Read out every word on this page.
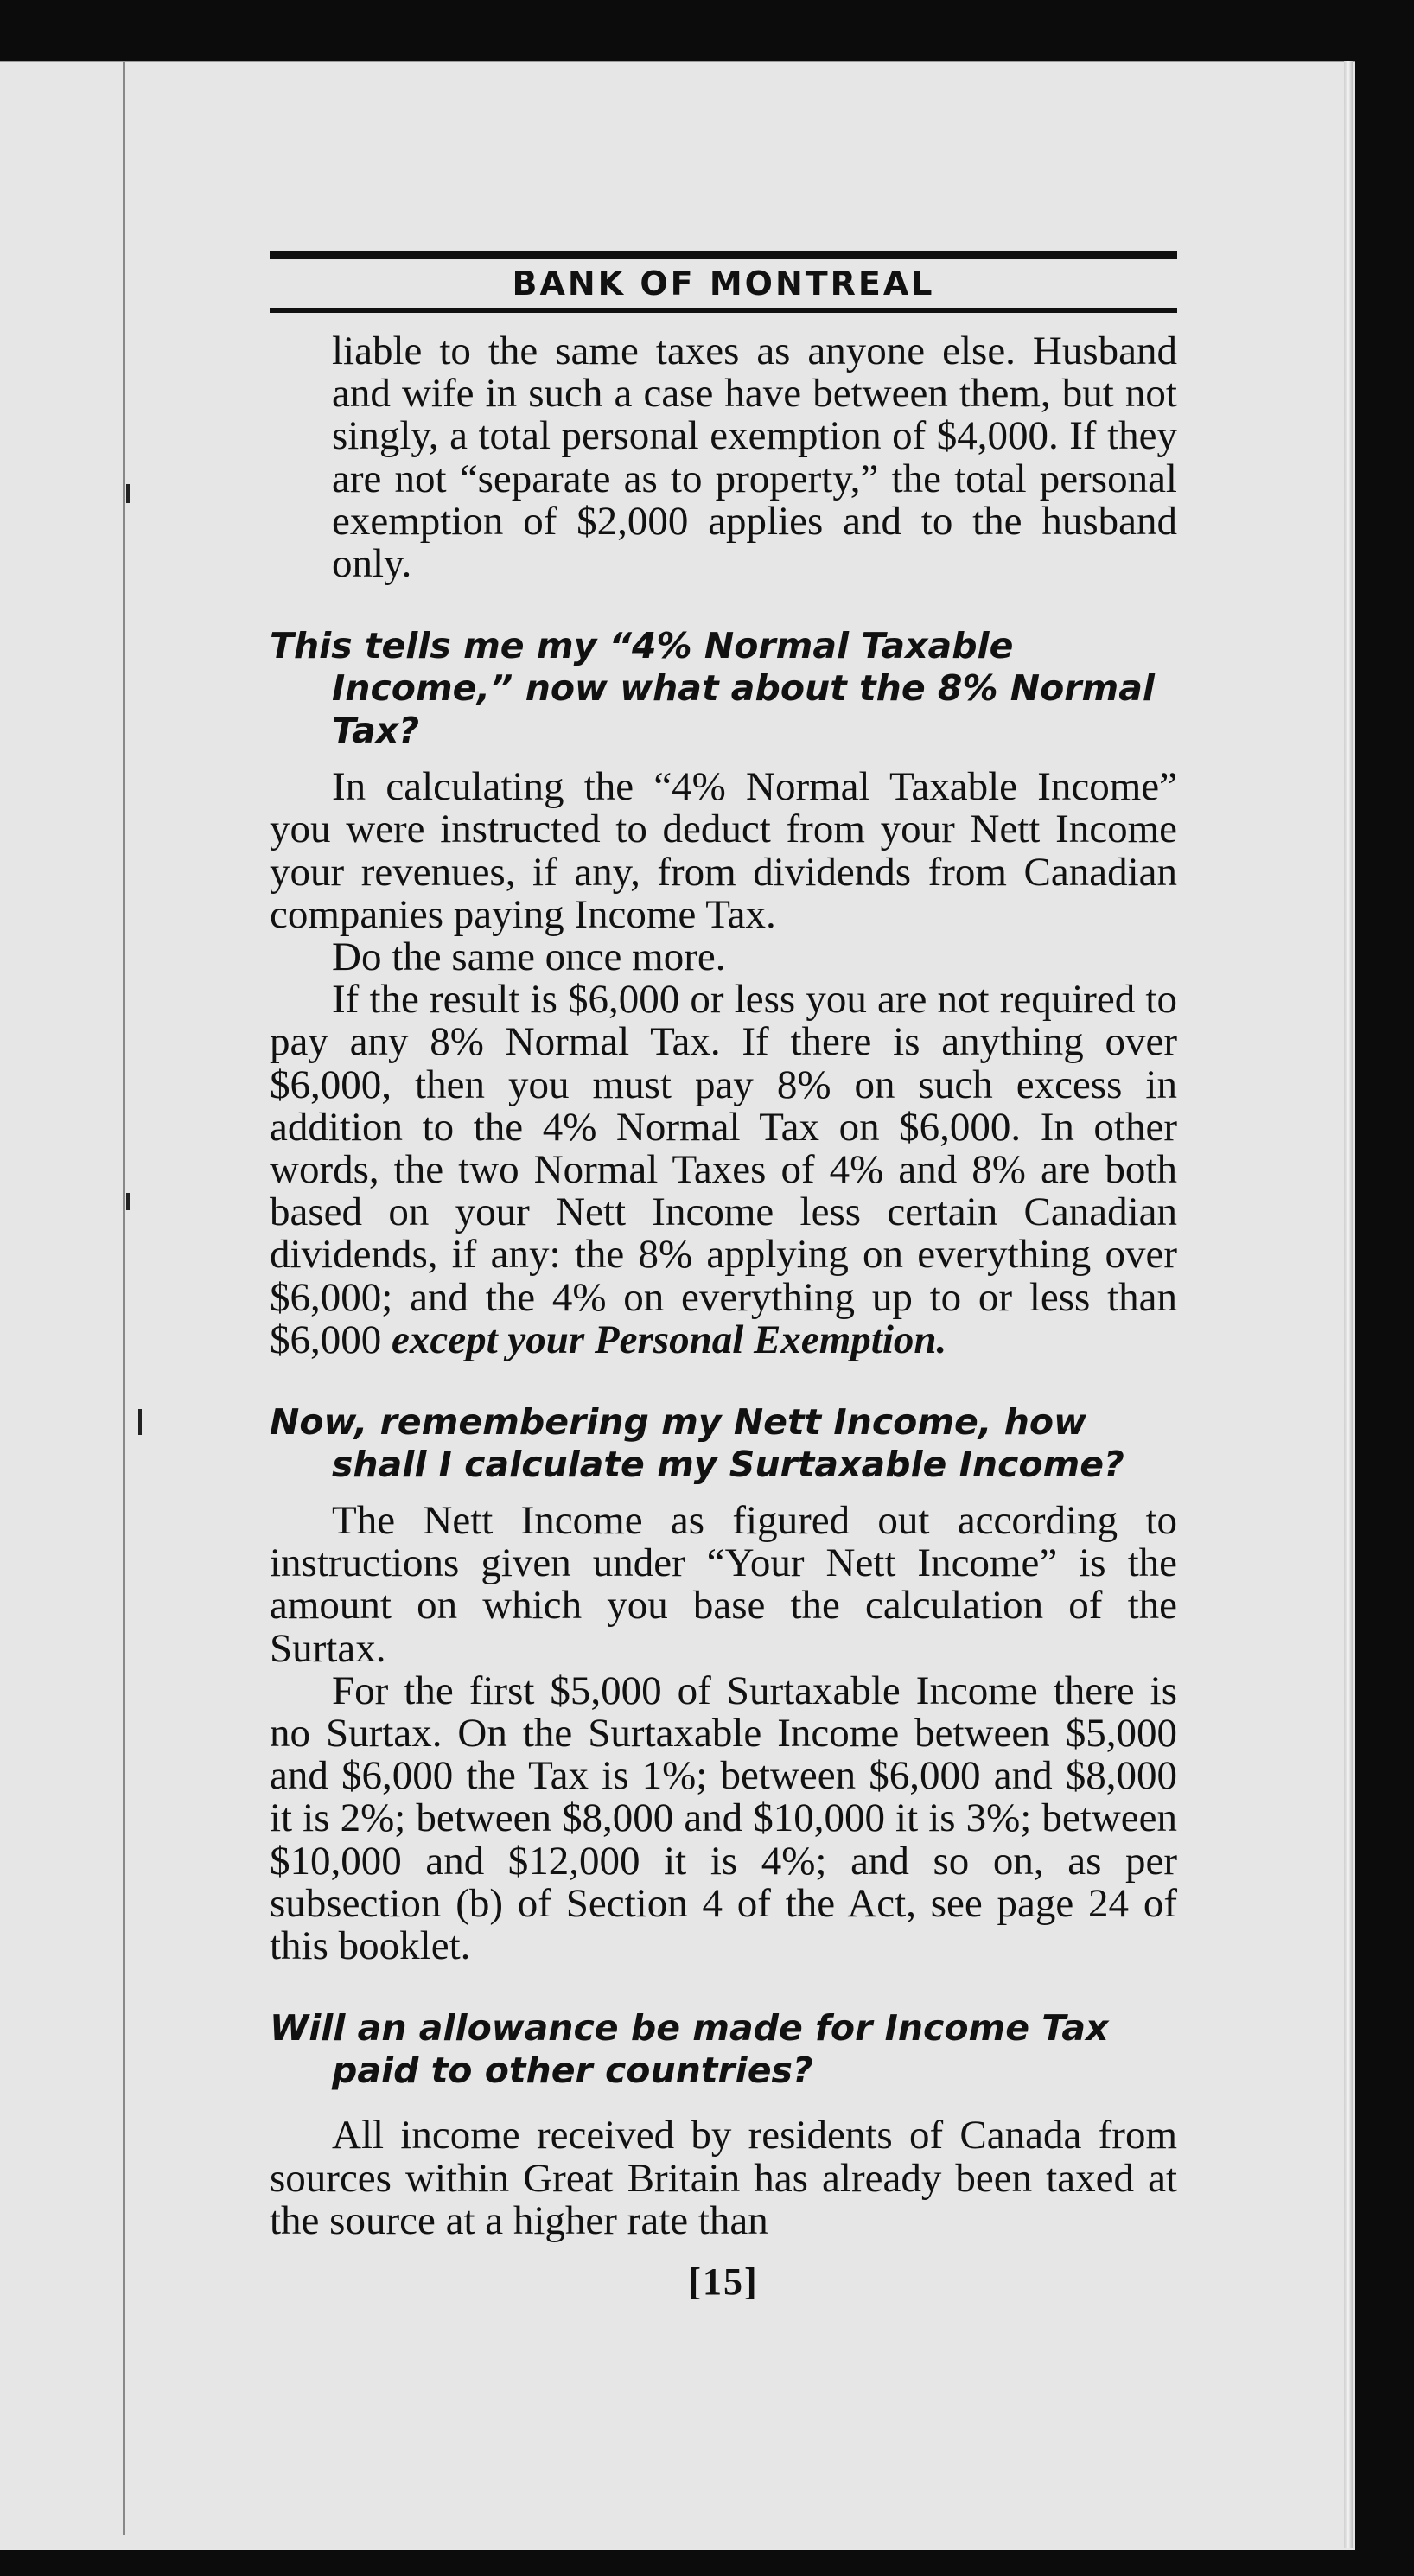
BANK OF MONTREAL

liable to the same taxes as anyone else. Husband and wife in such a case have between them, but not singly, a total personal exemption of $4,000. If they are not “separate as to property,” the total personal exemption of $2,000 applies and to the husband only.

This tells me my “4% Normal Taxable Income,” now what about the 8% Normal Tax?

In calculating the “4% Normal Taxable Income” you were instructed to deduct from your Nett Income your revenues, if any, from dividends from Canadian companies paying Income Tax.

Do the same once more.

If the result is $6,000 or less you are not required to pay any 8% Normal Tax. If there is anything over $6,000, then you must pay 8% on such excess in addition to the 4% Normal Tax on $6,000. In other words, the two Normal Taxes of 4% and 8% are both based on your Nett Income less certain Canadian dividends, if any: the 8% applying on everything over $6,000; and the 4% on everything up to or less than $6,000 except your Personal Exemption.

Now, remembering my Nett Income, how shall I calculate my Surtaxable Income?

The Nett Income as figured out according to instructions given under “Your Nett Income” is the amount on which you base the calculation of the Surtax.

For the first $5,000 of Surtaxable Income there is no Surtax. On the Surtaxable Income between $5,000 and $6,000 the Tax is 1%; between $6,000 and $8,000 it is 2%; between $8,000 and $10,000 it is 3%; between $10,000 and $12,000 it is 4%; and so on, as per subsection (b) of Section 4 of the Act, see page 24 of this booklet.

Will an allowance be made for Income Tax paid to other countries?

All income received by residents of Canada from sources within Great Britain has already been taxed at the source at a higher rate than

[15]
